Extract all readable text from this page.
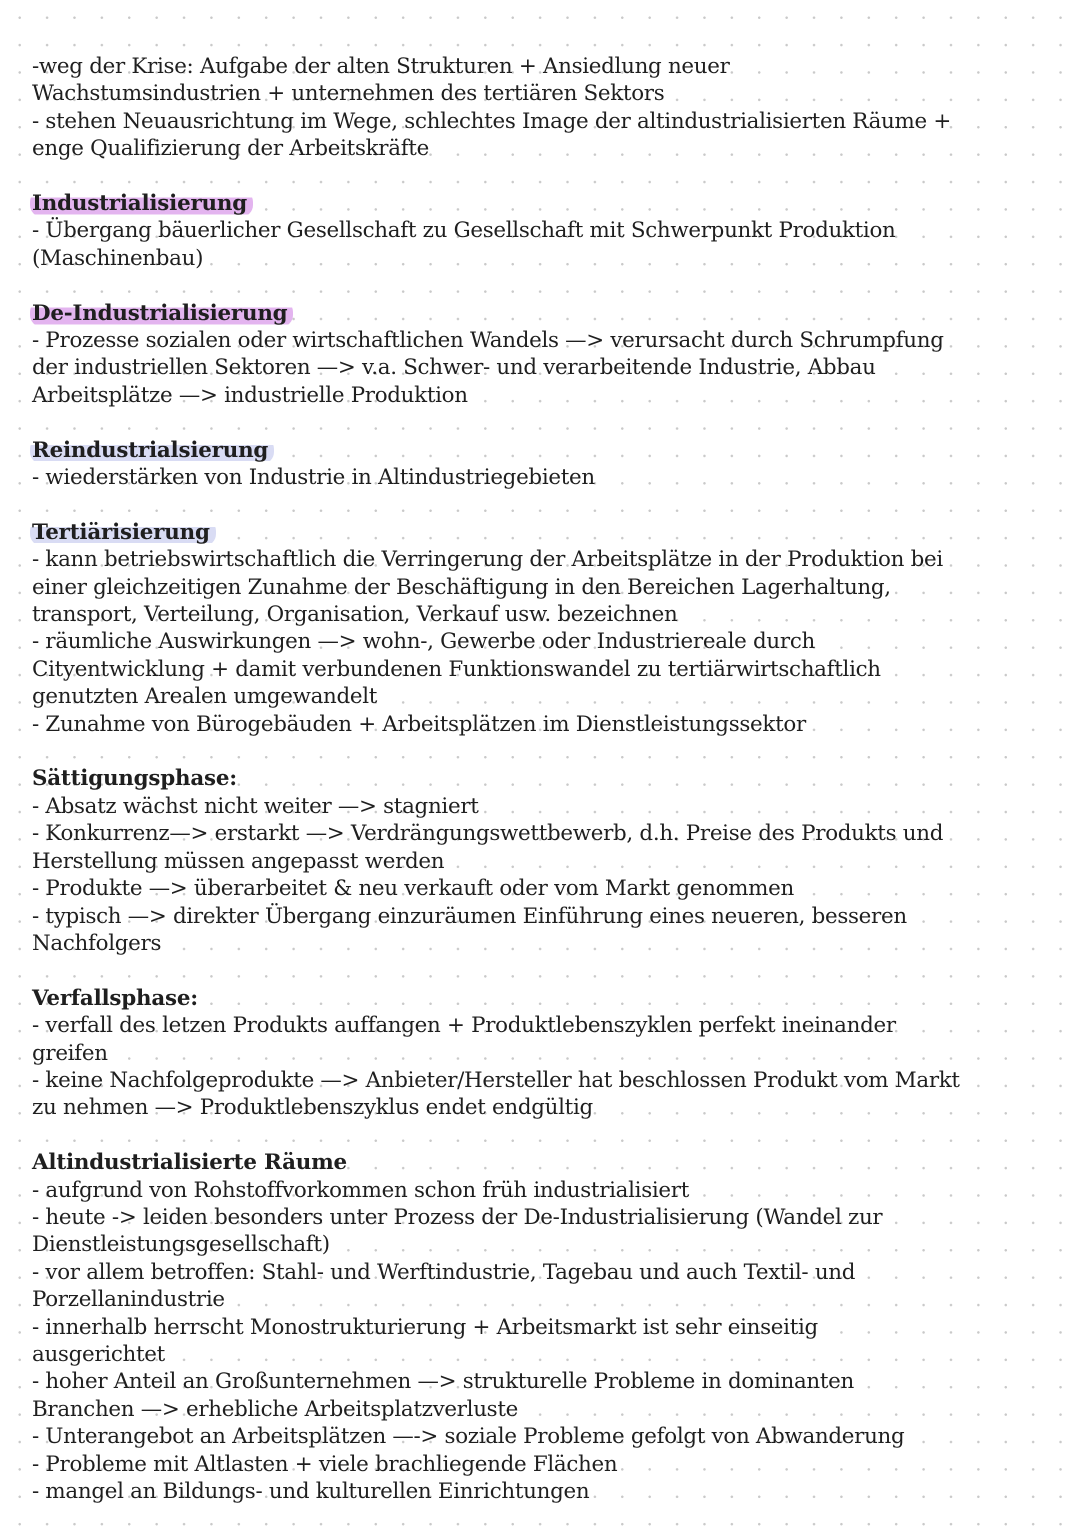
-weg der Krise: Aufgabe der alten Strukturen + Ansiedlung neuer
Wachstumsindustrien + unternehmen des tertiären Sektors
- stehen Neuausrichtung im Wege, schlechtes Image der altindustrialisierten Räume +
enge Qualifizierung der Arbeitskräfte
Industrialisierung
- Übergang bäuerlicher Gesellschaft zu Gesellschaft mit Schwerpunkt Produktion
(Maschinenbau)
De-Industrialisierung
- Prozesse sozialen oder wirtschaftlichen Wandels —> verursacht durch Schrumpfung
der industriellen Sektoren —> v.a. Schwer- und verarbeitende Industrie, Abbau
Arbeitsplätze —> industrielle Produktion
Reindustrialsierung
- wiederstärken von Industrie in Altindustriegebieten
Tertiärisierung
- kann betriebswirtschaftlich die Verringerung der Arbeitsplätze in der Produktion bei
einer gleichzeitigen Zunahme der Beschäftigung in den Bereichen Lagerhaltung,
transport, Verteilung, Organisation, Verkauf usw. bezeichnen
- räumliche Auswirkungen —> wohn-, Gewerbe oder Industriereale durch
Cityentwicklung + damit verbundenen Funktionswandel zu tertiärwirtschaftlich
genutzten Arealen umgewandelt
- Zunahme von Bürogebäuden + Arbeitsplätzen im Dienstleistungssektor
Sättigungsphase:
- Absatz wächst nicht weiter —> stagniert
- Konkurrenz—> erstarkt —> Verdrängungswettbewerb, d.h. Preise des Produkts und
Herstellung müssen angepasst werden
- Produkte —> überarbeitet & neu verkauft oder vom Markt genommen
- typisch —> direkter Übergang einzuräumen Einführung eines neueren, besseren
Nachfolgers
Verfallsphase:
- verfall des letzen Produkts auffangen + Produktlebenszyklen perfekt ineinander
greifen
- keine Nachfolgeprodukte —> Anbieter/Hersteller hat beschlossen Produkt vom Markt
zu nehmen —> Produktlebenszyklus endet endgültig
Altindustrialisierte Räume
- aufgrund von Rohstoffvorkommen schon früh industrialisiert
- heute -> leiden besonders unter Prozess der De-Industrialisierung (Wandel zur
Dienstleistungsgesellschaft)
- vor allem betroffen: Stahl- und Werftindustrie, Tagebau und auch Textil- und
Porzellanindustrie
- innerhalb herrscht Monostrukturierung + Arbeitsmarkt ist sehr einseitig
ausgerichtet
- hoher Anteil an Großunternehmen —> strukturelle Probleme in dominanten
Branchen —> erhebliche Arbeitsplatzverluste
- Unterangebot an Arbeitsplätzen —-> soziale Probleme gefolgt von Abwanderung
- Probleme mit Altlasten + viele brachliegende Flächen
- mangel an Bildungs- und kulturellen Einrichtungen
